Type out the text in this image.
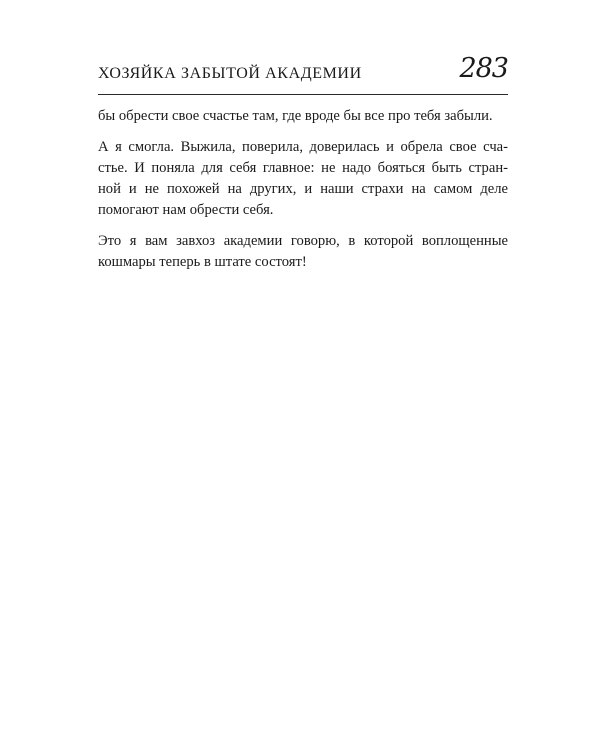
ХОЗЯЙКА ЗАБЫТОЙ АКАДЕМИИ	283

бы обрести свое счастье там, где вроде бы все про тебя забыли.

А я смогла. Выжила, поверила, доверилась и обрела свое сча-
стье. И поняла для себя главное: не надо бояться быть стран-
ной и не похожей на других, и наши страхи на самом деле
помогают нам обрести себя.

Это я вам завхоз академии говорю, в которой воплощенные
кошмары теперь в штате состоят!
